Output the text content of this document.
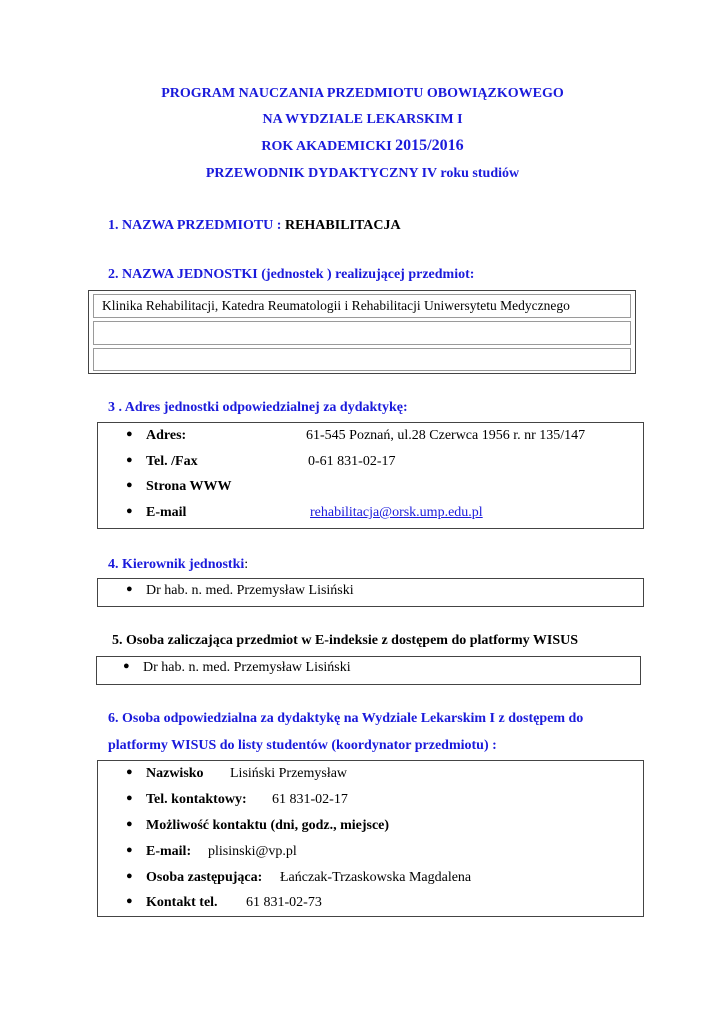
PROGRAM NAUCZANIA PRZEDMIOTU OBOWIĄZKOWEGO
NA WYDZIALE LEKARSKIM I
ROK AKADEMICKI 2015/2016
PRZEWODNIK DYDAKTYCZNY IV roku studiów
1. NAZWA PRZEDMIOTU : REHABILITACJA
2. NAZWA JEDNOSTKI (jednostek ) realizującej przedmiot:
Klinika Rehabilitacji, Katedra Reumatologii i Rehabilitacji Uniwersytetu Medycznego
3 . Adres jednostki odpowiedzialnej za dydaktykę:
● Adres:	61-545 Poznań, ul.28 Czerwca 1956 r. nr 135/147
● Tel. /Fax	0-61 831-02-17
● Strona WWW
● E-mail	rehabilitacja@orsk.ump.edu.pl
4. Kierownik jednostki:
● Dr hab. n. med. Przemysław Lisiński
5. Osoba zaliczająca przedmiot w E-indeksie z dostępem do platformy WISUS
● Dr hab. n. med. Przemysław Lisiński
6. Osoba odpowiedzialna za dydaktykę na Wydziale Lekarskim I z dostępem do
platformy WISUS do listy studentów (koordynator przedmiotu) :
● Nazwisko Lisiński Przemysław
● Tel. kontaktowy: 61 831-02-17
● Możliwość kontaktu (dni, godz., miejsce)
● E-mail: plisinski@vp.pl
● Osoba zastępująca: Łańczak-Trzaskowska Magdalena
● Kontakt tel. 61 831-02-73
